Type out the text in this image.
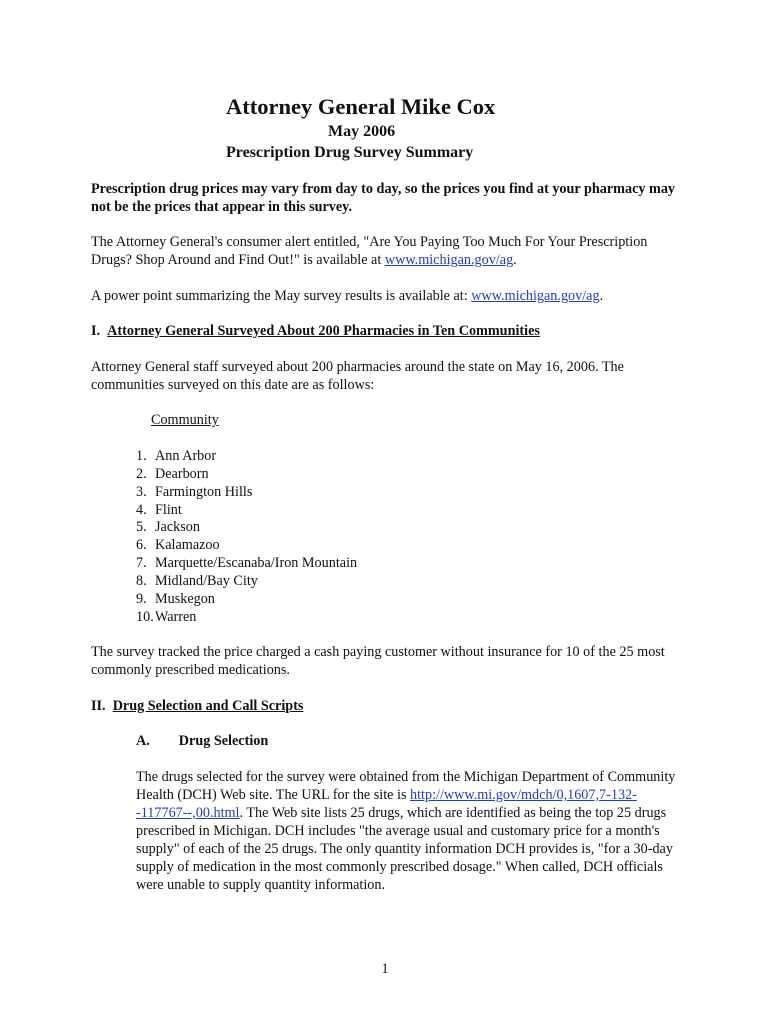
Attorney General Mike Cox
May 2006
Prescription Drug Survey Summary
Prescription drug prices may vary from day to day, so the prices you find at your pharmacy may not be the prices that appear in this survey.
The Attorney General's consumer alert entitled, "Are You Paying Too Much For Your Prescription Drugs? Shop Around and Find Out!" is available at www.michigan.gov/ag.
A power point summarizing the May survey results is available at: www.michigan.gov/ag.
I. Attorney General Surveyed About 200 Pharmacies in Ten Communities
Attorney General staff surveyed about 200 pharmacies around the state on May 16, 2006. The communities surveyed on this date are as follows:
Community
1. Ann Arbor
2. Dearborn
3. Farmington Hills
4. Flint
5. Jackson
6. Kalamazoo
7. Marquette/Escanaba/Iron Mountain
8. Midland/Bay City
9. Muskegon
10.Warren
The survey tracked the price charged a cash paying customer without insurance for 10 of the 25 most commonly prescribed medications.
II. Drug Selection and Call Scripts
A. Drug Selection
The drugs selected for the survey were obtained from the Michigan Department of Community Health (DCH) Web site. The URL for the site is http://www.mi.gov/mdch/0,1607,7-132--117767--,00.html. The Web site lists 25 drugs, which are identified as being the top 25 drugs prescribed in Michigan. DCH includes "the average usual and customary price for a month's supply" of each of the 25 drugs. The only quantity information DCH provides is, "for a 30-day supply of medication in the most commonly prescribed dosage." When called, DCH officials were unable to supply quantity information.
1
